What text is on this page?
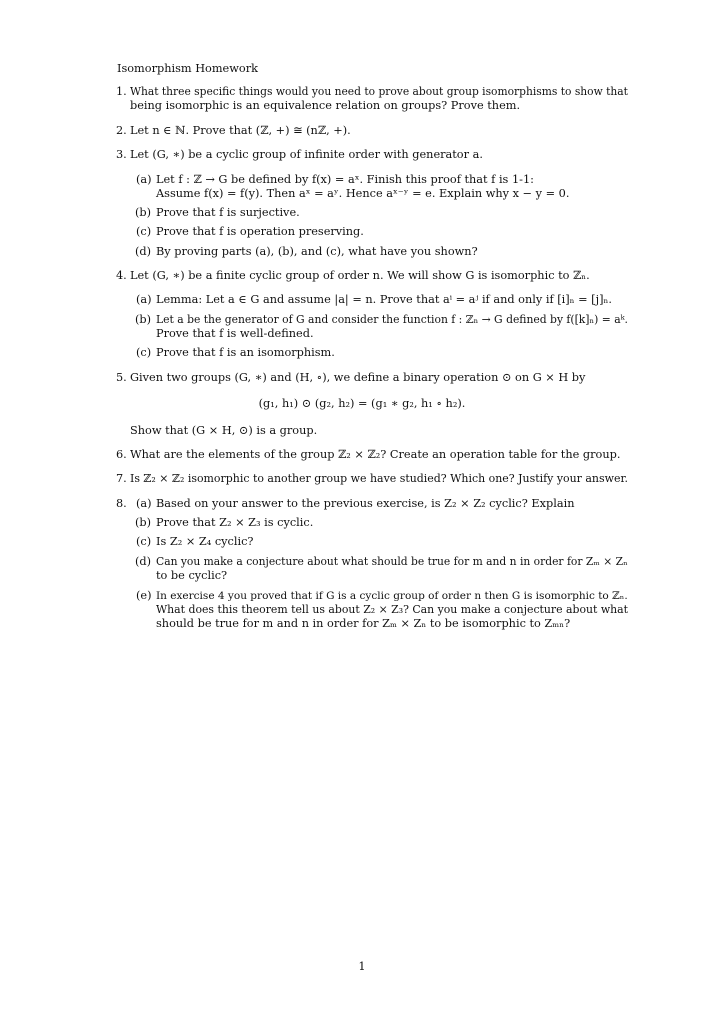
Isomorphism Homework
1. What three specific things would you need to prove about group isomorphisms to show that
being isomorphic is an equivalence relation on groups? Prove them.
2. Let n ∈ ℕ. Prove that (ℤ, +) ≅ (nℤ, +).
3. Let (G, ∗) be a cyclic group of infinite order with generator a.
(a) Let f : ℤ → G be defined by f(x) = aˣ. Finish this proof that f is 1-1:
Assume f(x) = f(y). Then aˣ = aʸ. Hence aˣ⁻ʸ = e. Explain why x − y = 0.
(b) Prove that f is surjective.
(c) Prove that f is operation preserving.
(d) By proving parts (a), (b), and (c), what have you shown?
4. Let (G, ∗) be a finite cyclic group of order n. We will show G is isomorphic to ℤₙ.
(a) Lemma: Let a ∈ G and assume |a| = n. Prove that aⁱ = aʲ if and only if [i]ₙ = [j]ₙ.
(b) Let a be the generator of G and consider the function f : ℤₙ → G defined by f([k]ₙ) = aᵏ.
Prove that f is well-defined.
(c) Prove that f is an isomorphism.
5. Given two groups (G, ∗) and (H, ∘), we define a binary operation ⊙ on G × H by
(g₁, h₁) ⊙ (g₂, h₂) = (g₁ ∗ g₂, h₁ ∘ h₂).
Show that (G × H, ⊙) is a group.
6. What are the elements of the group ℤ₂ × ℤ₂? Create an operation table for the group.
7. Is ℤ₂ × ℤ₂ isomorphic to another group we have studied? Which one? Justify your answer.
8. (a) Based on your answer to the previous exercise, is Z₂ × Z₂ cyclic? Explain
(b) Prove that Z₂ × Z₃ is cyclic.
(c) Is Z₂ × Z₄ cyclic?
(d) Can you make a conjecture about what should be true for m and n in order for Zₘ × Zₙ
to be cyclic?
(e) In exercise 4 you proved that if G is a cyclic group of order n then G is isomorphic to ℤₙ.
What does this theorem tell us about Z₂ × Z₃? Can you make a conjecture about what
should be true for m and n in order for Zₘ × Zₙ to be isomorphic to Zₘₙ?
1
